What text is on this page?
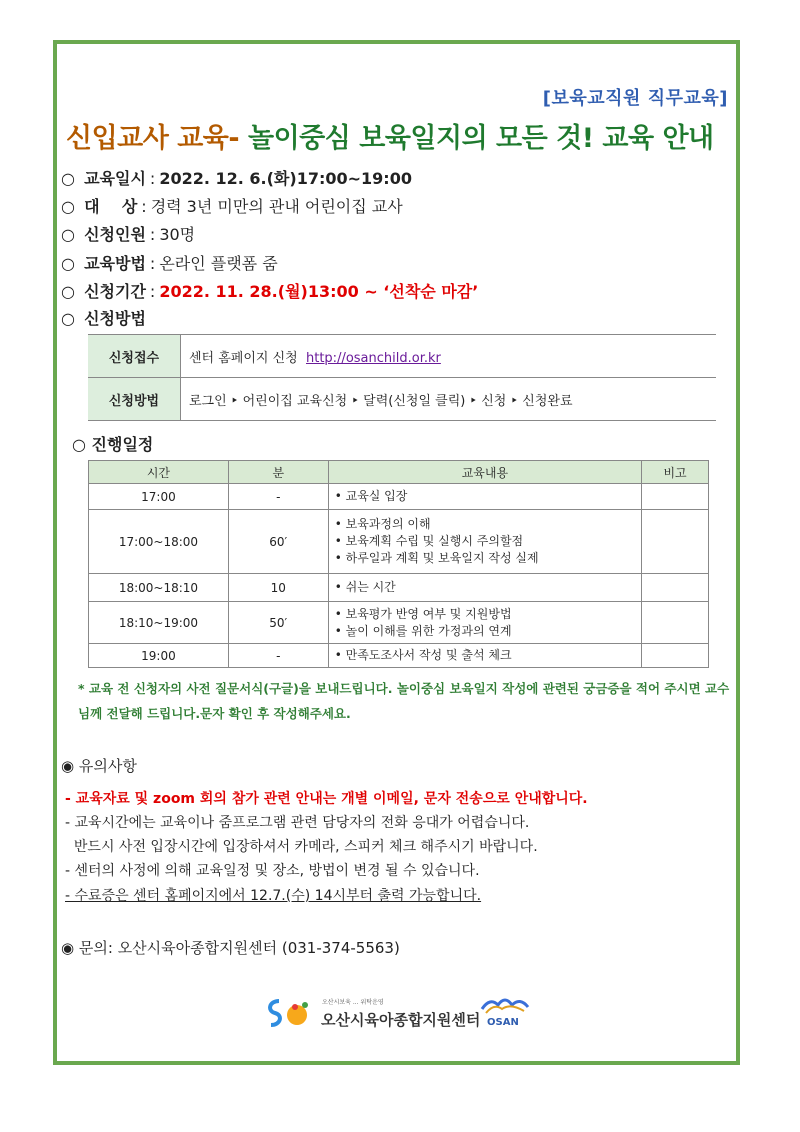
[보육교직원 직무교육]
신입교사 교육- 놀이중심 보육일지의 모든 것! 교육 안내
○ 교육일시 : 2022. 12. 6.(화)17:00~19:00
○ 대    상 : 경력 3년 미만의 관내 어린이집 교사
○ 신청인원 : 30명
○ 교육방법 : 온라인 플랫폼 줌
○ 신청기간 : 2022. 11. 28.(월)13:00 ~ ‘선착순 마감’
○ 신청방법
신청접수	센터 홈페이지 신청 http://osanchild.or.kr
신청방법	로그인 ‣ 어린이집 교육신청 ‣ 달력(신청일 클릭) ‣ 신청 ‣ 신청완료
○ 진행일정
시간	분	교육내용	비고
17:00	-	• 교육실 입장	

17:00~18:00	60′	• 보육과정의 이해
• 보육계획 수립 및 실행시 주의할점
• 하루일과 계획 및 보육일지 작성 실제	

18:00~18:10	10	• 쉬는 시간	

18:10~19:00	50′	• 보육평가 반영 여부 및 지원방법
• 놀이 이해를 위한 가정과의 연계	

19:00	-	• 만족도조사서 작성 및 출석 체크	

* 교육 전 신청자의 사전 질문서식(구글)을 보내드립니다. 놀이중심 보육일지 작성에 관련된 궁금증을 적어 주시면 교수님께 전달해 드립니다.문자 확인 후 작성해주세요.
◉ 유의사항
- 교육자료 및 zoom 회의 참가 관련 안내는 개별 이메일, 문자 전송으로 안내합니다.
- 교육시간에는 교육이나 줌프로그램 관련 담당자의 전화 응대가 어렵습니다.
반드시 사전 입장시간에 입장하셔서 카메라, 스피커 체크 해주시기 바랍니다.
- 센터의 사정에 의해 교육일정 및 장소, 방법이 변경 될 수 있습니다.
- 수료증은 센터 홈페이지에서 12.7.(수) 14시부터 출력 가능합니다.
◉ 문의: 오산시육아종합지원센터 (031-374-5563)
오산시보육 ... 위탁운영
오산시육아종합지원센터 OSAN
